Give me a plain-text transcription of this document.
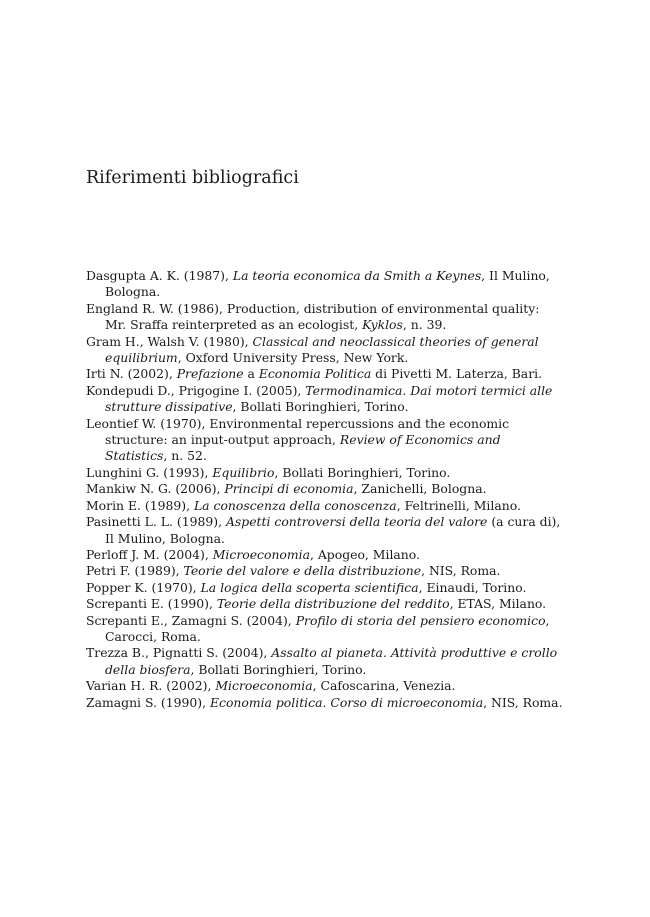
Riferimenti bibliografici
Dasgupta A. K. (1987), La teoria economica da Smith a Keynes, Il Mulino, Bologna.
England R. W. (1986), Production, distribution of environmental quality: Mr. Sraffa reinterpreted as an ecologist, Kyklos, n. 39.
Gram H., Walsh V. (1980), Classical and neoclassical theories of general equilibrium, Oxford University Press, New York.
Irti N. (2002), Prefazione a Economia Politica di Pivetti M. Laterza, Bari.
Kondepudi D., Prigogine I. (2005), Termodinamica. Dai motori termici alle strutture dissipative, Bollati Boringhieri, Torino.
Leontief W. (1970), Environmental repercussions and the economic structure: an input-output approach, Review of Economics and Statistics, n. 52.
Lunghini G. (1993), Equilibrio, Bollati Boringhieri, Torino.
Mankiw N. G. (2006), Principi di economia, Zanichelli, Bologna.
Morin E. (1989), La conoscenza della conoscenza, Feltrinelli, Milano.
Pasinetti L. L. (1989), Aspetti controversi della teoria del valore (a cura di), Il Mulino, Bologna.
Perloff J. M. (2004), Microeconomia, Apogeo, Milano.
Petri F. (1989), Teorie del valore e della distribuzione, NIS, Roma.
Popper K. (1970), La logica della scoperta scientifica, Einaudi, Torino.
Screpanti E. (1990), Teorie della distribuzione del reddito, ETAS, Milano.
Screpanti E., Zamagni S. (2004), Profilo di storia del pensiero economico, Carocci, Roma.
Trezza B., Pignatti S. (2004), Assalto al pianeta. Attività produttive e crollo della biosfera, Bollati Boringhieri, Torino.
Varian H. R. (2002), Microeconomia, Cafoscarina, Venezia.
Zamagni S. (1990), Economia politica. Corso di microeconomia, NIS, Roma.
